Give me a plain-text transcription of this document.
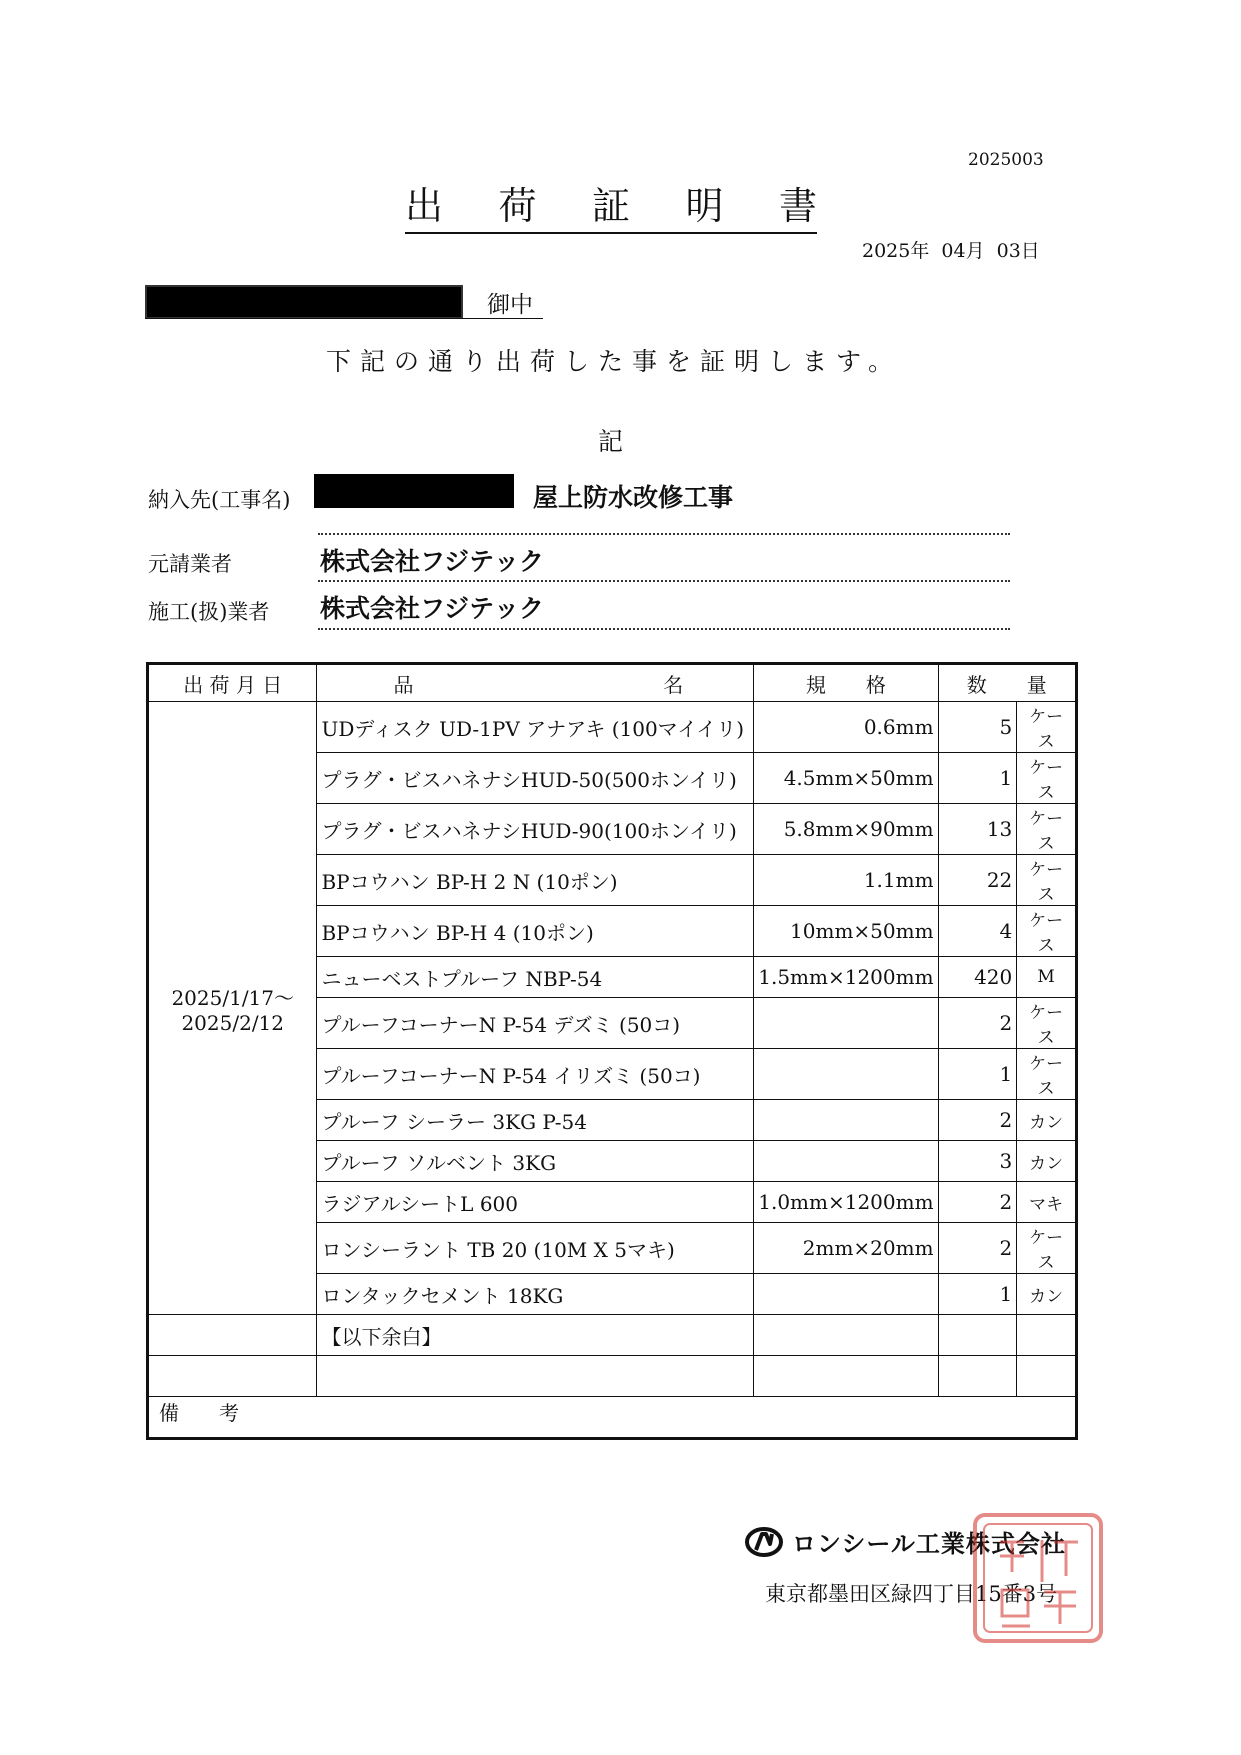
2025003
出 荷 証 明 書
2025年 04月 03日
御中
下記の通り出荷した事を証明します。
記
納入先(工事名)	屋上防水改修工事
元請業者	株式会社フジテック
施工(扱)業者 株式会社フジテック
出 荷 月 日	品 名	規　　格	数　　量	

2025/1/17～
2025/2/12	UDディスク UD-1PV アナアキ (100マイイリ)	0.6mm	5	ケース
	プラグ・ビスハネナシHUD-50(500ホンイリ)	4.5mm×50mm	1	ケース
	プラグ・ビスハネナシHUD-90(100ホンイリ)	5.8mm×90mm	13	ケース
	BPコウハン BP-H 2 N (10ポン)	1.1mm	22	ケース
	BPコウハン BP-H 4 (10ポン)	10mm×50mm	4	ケース
	ニューベストプルーフ NBP-54	1.5mm×1200mm	420	M
	プルーフコーナーN P-54 デズミ (50コ)		2	ケース
	プルーフコーナーN P-54 イリズミ (50コ)		1	ケース
	プルーフ シーラー 3KG P-54		2	カン
	プルーフ ソルベント 3KG		3	カン
	ラジアルシートL 600	1.0mm×1200mm	2	マキ
	ロンシーラント TB 20 (10M X 5マキ)	2mm×20mm	2	ケース
	ロンタックセメント 18KG		1	カン
	【以下余白】			

備　　考				
ロンシール工業株式会社
東京都墨田区緑四丁目15番3号
